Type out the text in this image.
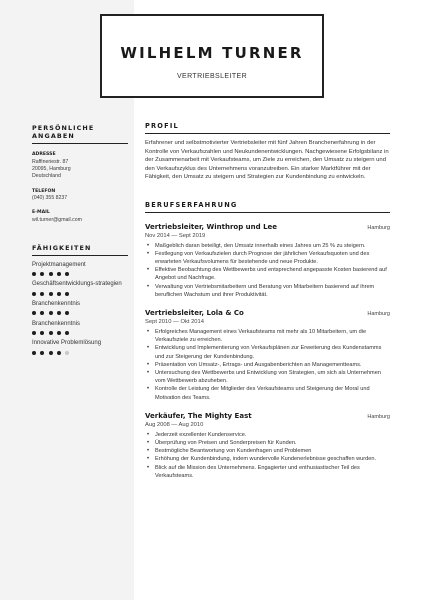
PERSÖNLICHE
ANGABEN
ADRESSE
Raffineriestr. 87
20095, Hamburg
Deutschland
TELEFON
(040) 355 8237
E-MAIL
wil.turner@gmail.com
FÄHIGKEITEN
Projektmanagement
Geschäftsentwicklungs-strategien
Branchenkenntnis
Branchenkenntnis
Innovative Problemlösung
PROFIL

Erfahrener und selbstmotivierter Vertriebsleiter mit fünf Jahren Branchenerfahrung in der Kontrolle von Verkaufszahlen und Neukundenentwicklungen. Nachgewiesene Erfolgsbilanz in der Zusammenarbeit mit Verkaufsteams, um Ziele zu erreichen, den Umsatz zu steigern und den Verkaufszyklus des Unternehmens voranzutreiben. Ein starker Marktführer mit der Fähigkeit, den Umsatz zu steigern und Strategien zur Kundenbindung zu entwickeln.

BERUFSERFAHRUNG
Vertriebsleiter, Winthrop und Lee	Hamburg
Nov 2014 — Sept 2019
• Maßgeblich daran beteiligt, den Umsatz innerhalb eines Jahres um 25 % zu steigern.
• Festlegung von Verkaufszielen durch Prognose der jährlichen Verkaufsquoten und des erwarteten Verkaufsvolumens für bestehende und neue Produkte.
• Effektive Beobachtung des Wettbewerbs und entsprechend angepasste Kosten basierend auf Angebot und Nachfrage.
• Verwaltung von Vertriebsmitarbeitern und Beratung von Mitarbeitern basierend auf ihrem beruflichen Wachstum und ihrer Produktivität.
Vertriebsleiter, Lola & Co	Hamburg
Sept 2010 — Okt 2014
• Erfolgreiches Management eines Verkaufsteams mit mehr als 10 Mitarbeitern, um die Verkaufsziele zu erreichen.
• Entwicklung und Implementierung von Verkaufsplänen zur Erweiterung des Kundenstamms und zur Steigerung der Kundenbindung.
• Präsentation von Umsatz-, Ertrags- und Ausgabenberichten an Managementteams.
• Untersuchung des Wettbewerbs und Entwicklung von Strategien, um sich als Unternehmen vom Wettbewerb abzuheben.
• Kontrolle der Leistung der Mitglieder des Verkaufsteams und Steigerung der Moral und Motivation des Teams.
Verkäufer, The Mighty East	Hamburg
Aug 2008 — Aug 2010
• Jederzeit exzellenter Kundenservice.
• Überprüfung von Preisen und Sonderpreisen für Kunden.
• Bestmögliche Beantwortung von Kundenfragen und Problemen
• Erhöhung der Kundenbindung, indem wundervolle Kundenerlebnisse geschaffen wurden.
• Blick auf die Mission des Unternehmens. Engagierter und enthusiastischer Teil des Verkaufsteams.
WILHELM TURNER
VERTRIEBSLEITER
